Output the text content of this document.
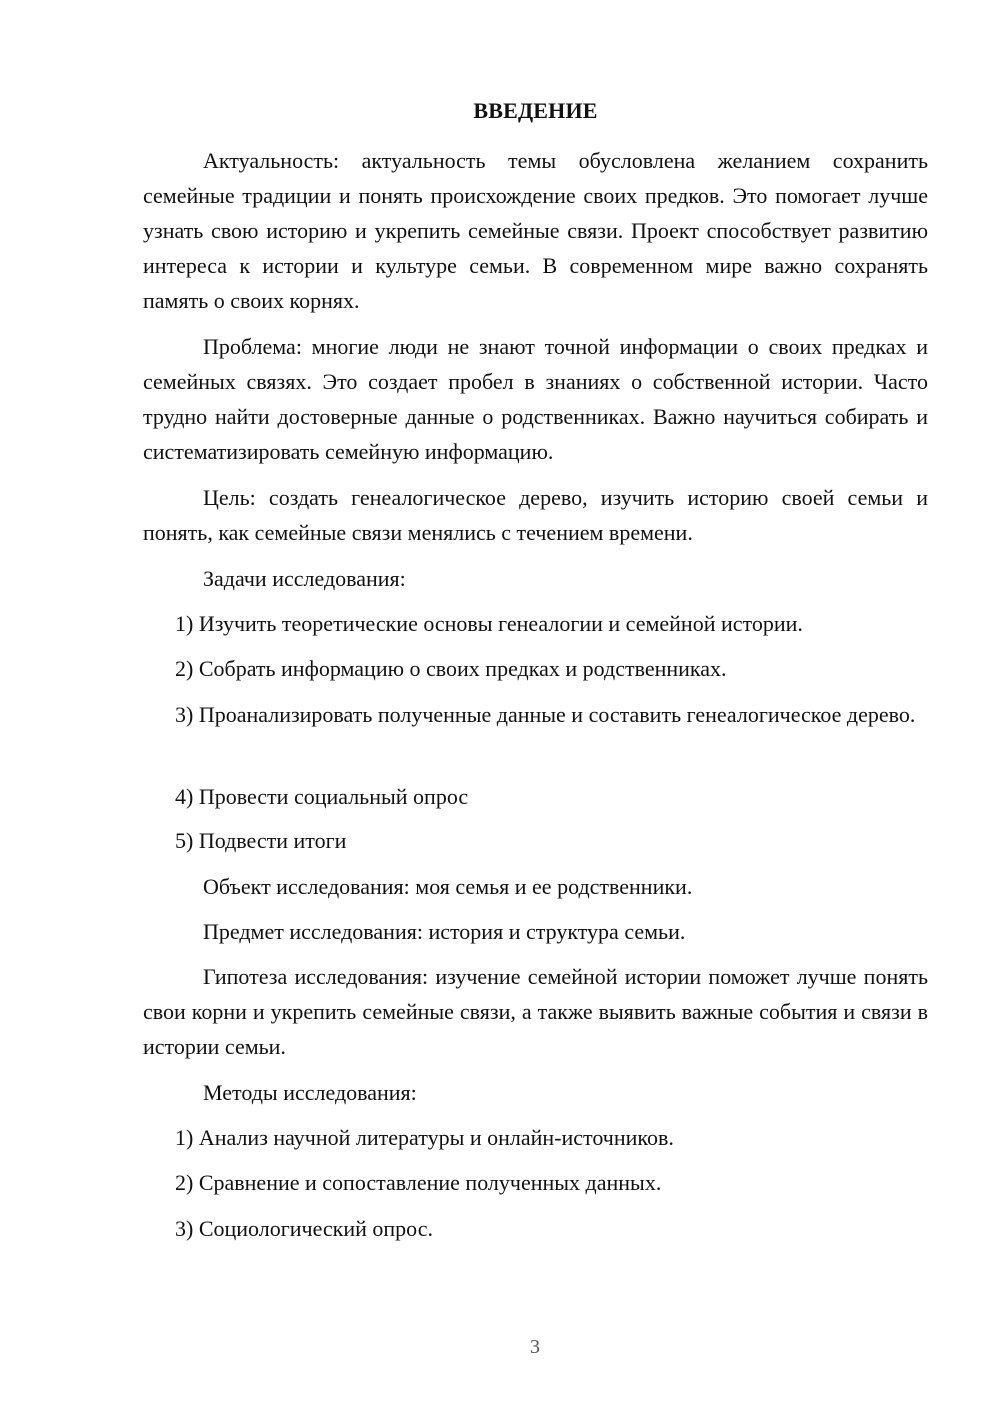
ВВЕДЕНИЕ

Актуальность: актуальность темы обусловлена желанием сохранить семейные традиции и понять происхождение своих предков. Это помогает лучше узнать свою историю и укрепить семейные связи. Проект способствует развитию интереса к истории и культуре семьи. В современном мире важно сохранять память о своих корнях.

Проблема: многие люди не знают точной информации о своих предках и семейных связях. Это создает пробел в знаниях о собственной истории. Часто трудно найти достоверные данные о родственниках. Важно научиться собирать и систематизировать семейную информацию.

Цель: создать генеалогическое дерево, изучить историю своей семьи и понять, как семейные связи менялись с течением времени.

Задачи исследования:

1) Изучить теоретические основы генеалогии и семейной истории.

2) Собрать информацию о своих предках и родственниках.

3) Проанализировать полученные данные и составить генеалогическое дерево.

4) Провести социальный опрос

5) Подвести итоги

Объект исследования: моя семья и ее родственники.

Предмет исследования: история и структура семьи.

Гипотеза исследования: изучение семейной истории поможет лучше понять свои корни и укрепить семейные связи, а также выявить важные события и связи в истории семьи.

Методы исследования:

1) Анализ научной литературы и онлайн-источников.

2) Сравнение и сопоставление полученных данных.

3) Социологический опрос.

3
